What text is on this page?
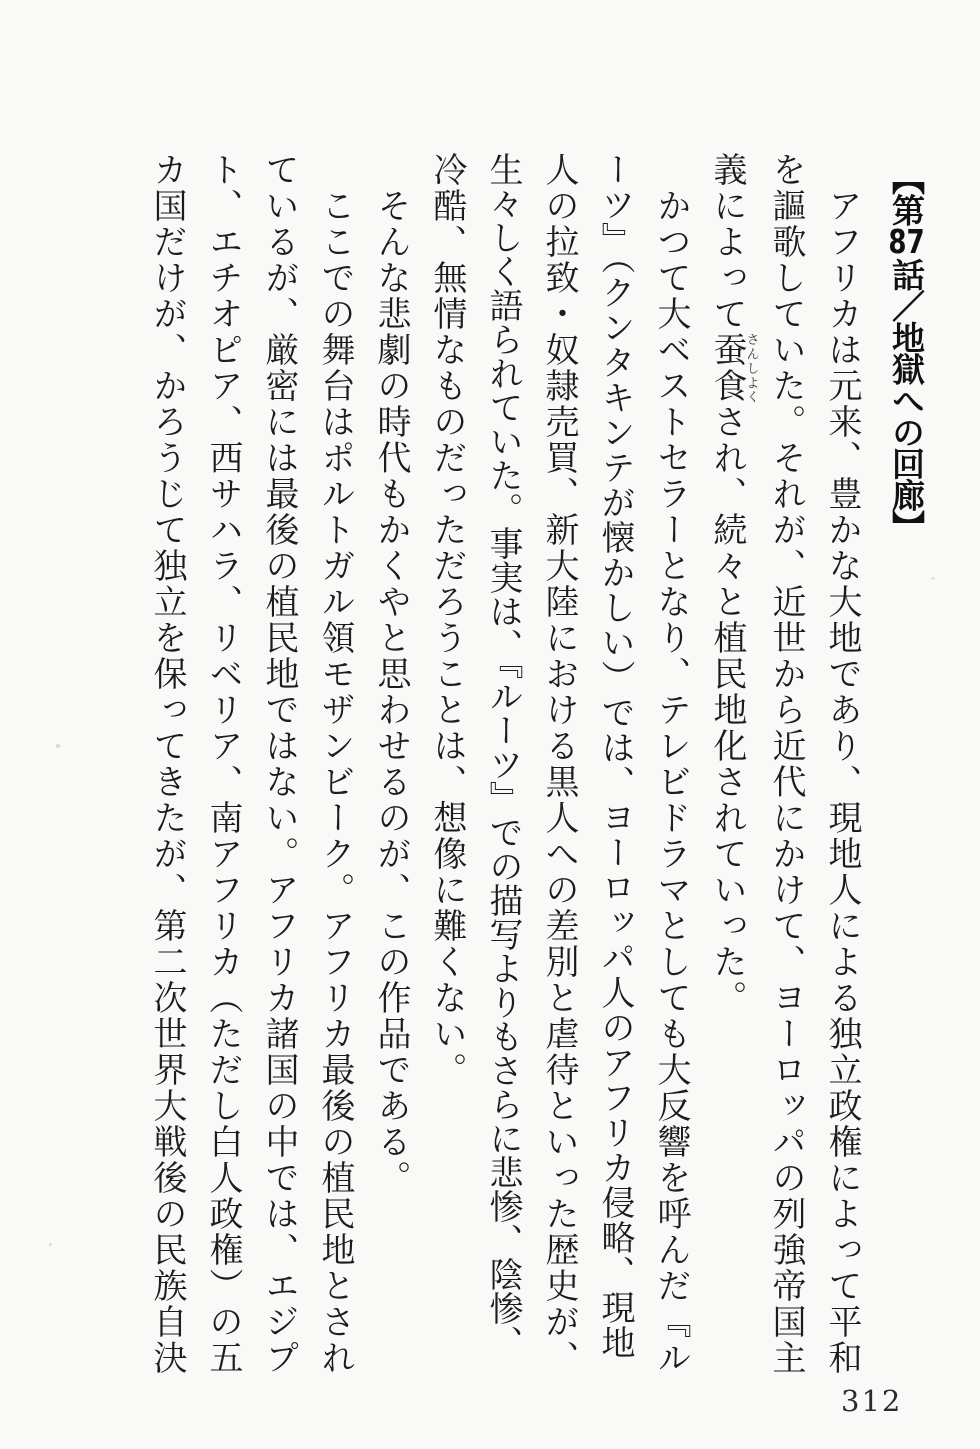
【第87話／地獄への回廊】
アフリカは元来、豊かな大地であり、現地人による独立政権によって平和
を謳歌していた。それが、近世から近代にかけて、ヨーロッパの列強帝国主
義によって蚕食さんしよくされ、続々と植民地化されていった。
かつて大ベストセラーとなり、テレビドラマとしても大反響を呼んだ『ル
ーツ』（クンタキンテが懐かしい）では、ヨーロッパ人のアフリカ侵略、現地
人の拉致・奴隷売買、新大陸における黒人への差別と虐待といった歴史が、
生々しく語られていた。事実は、『ルーツ』での描写よりもさらに悲惨、陰惨、
冷酷、無情なものだっただろうことは、想像に難くない。
そんな悲劇の時代もかくやと思わせるのが、この作品である。
ここでの舞台はポルトガル領モザンビーク。アフリカ最後の植民地とされ
ているが、厳密には最後の植民地ではない。アフリカ諸国の中では、エジプ
ト、エチオピア、西サハラ、リベリア、南アフリカ（ただし白人政権）の五
カ国だけが、かろうじて独立を保ってきたが、第二次世界大戦後の民族自決
312
